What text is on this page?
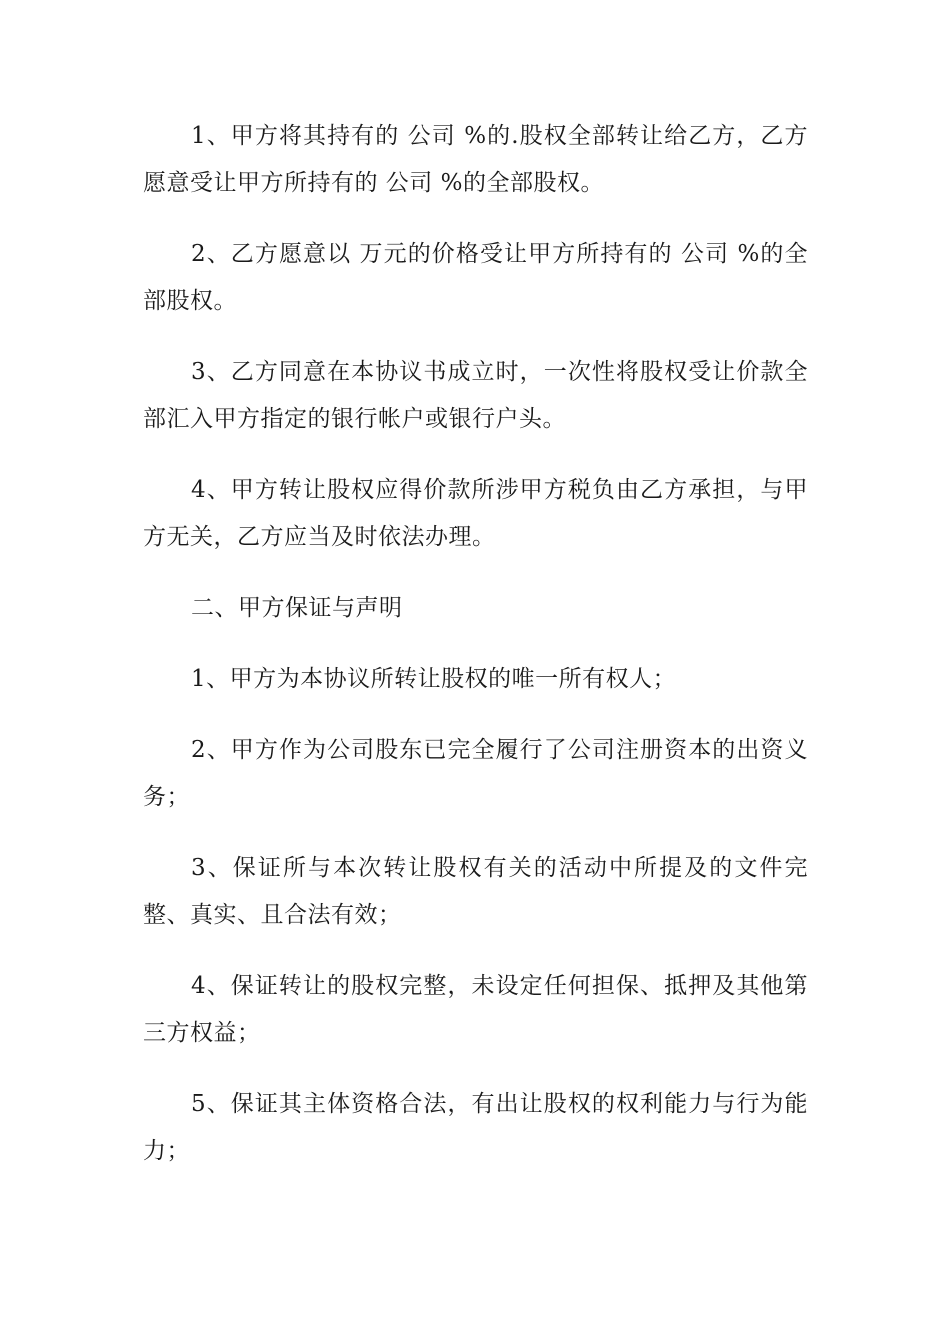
1、甲方将其持有的 公司 %的.股权全部转让给乙方，乙方愿意受让甲方所持有的 公司 %的全部股权。

2、乙方愿意以 万元的价格受让甲方所持有的 公司 %的全部股权。

3、乙方同意在本协议书成立时，一次性将股权受让价款全部汇入甲方指定的银行帐户或银行户头。

4、甲方转让股权应得价款所涉甲方税负由乙方承担，与甲方无关，乙方应当及时依法办理。

二、甲方保证与声明

1、甲方为本协议所转让股权的唯一所有权人；

2、甲方作为公司股东已完全履行了公司注册资本的出资义务；

3、保证所与本次转让股权有关的活动中所提及的文件完整、真实、且合法有效；

4、保证转让的股权完整，未设定任何担保、抵押及其他第三方权益；

5、保证其主体资格合法，有出让股权的权利能力与行为能力；
